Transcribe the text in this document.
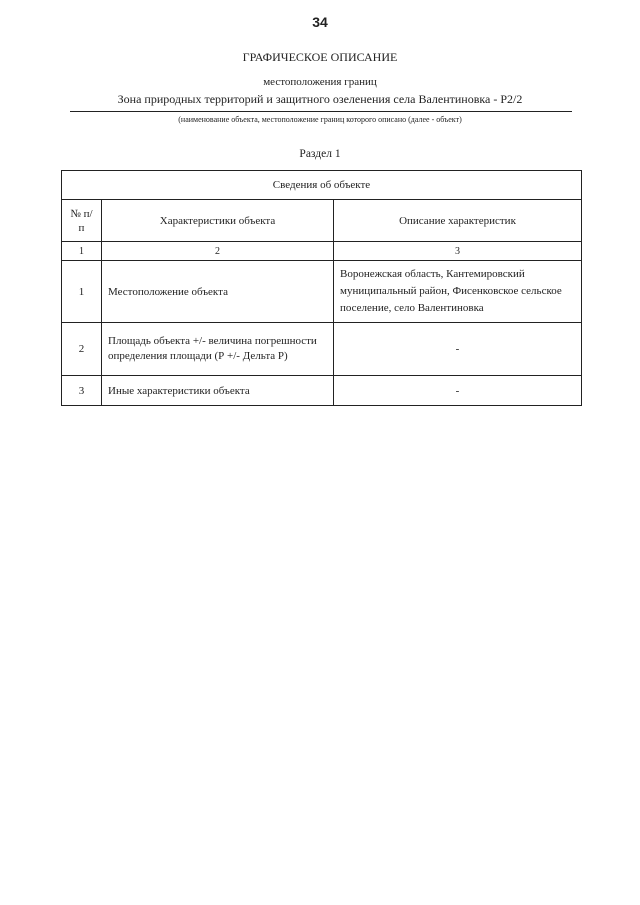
34
ГРАФИЧЕСКОЕ ОПИСАНИЕ
местоположения границ
Зона природных территорий и защитного озеленения села Валентиновка - Р2/2
(наименование объекта, местоположение границ которого описано (далее - объект)
Раздел 1
Сведения об объекте		
№ п/п	Характеристики объекта	Описание характеристик
1	2	3
1	Местоположение объекта	Воронежская область, Кантемировский муниципальный район, Фисенковское сельское поселение, село Валентиновка
2	Площадь объекта +/- величина погрешности определения площади (Р +/- Дельта Р)	-
3	Иные характеристики объекта	-
